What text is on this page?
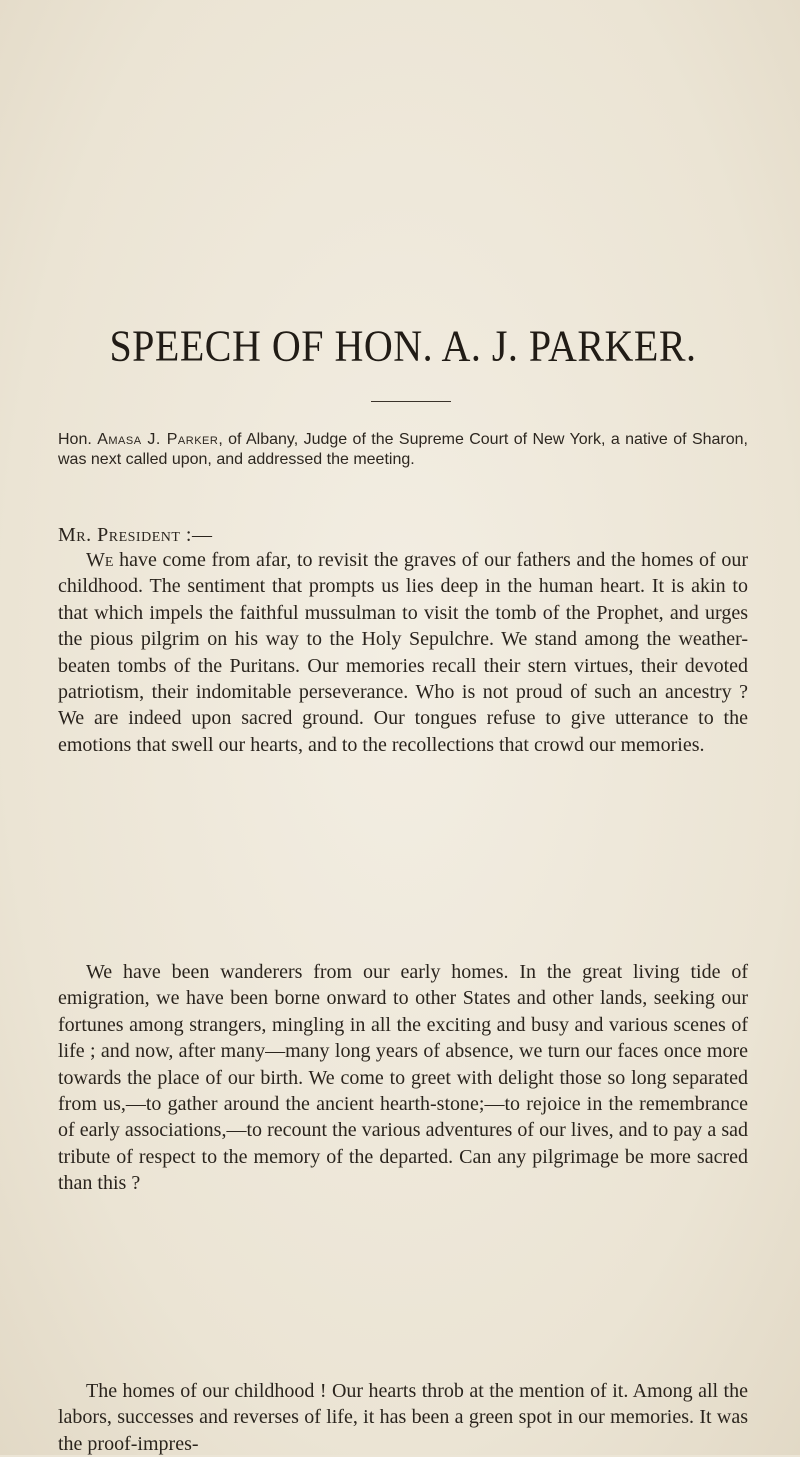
SPEECH OF HON. A. J. PARKER.

Hon. Amasa J. Parker, of Albany, Judge of the Supreme Court of New York, a native of Sharon, was next called upon, and addressed the meeting.

Mr. President :—

We have come from afar, to revisit the graves of our fathers and the homes of our childhood. The sentiment that prompts us lies deep in the human heart. It is akin to that which impels the faithful mussulman to visit the tomb of the Prophet, and urges the pious pilgrim on his way to the Holy Sepulchre. We stand among the weather-beaten tombs of the Puritans. Our memories recall their stern virtues, their devoted patriotism, their indomitable perseverance. Who is not proud of such an ancestry ? We are indeed upon sacred ground. Our tongues refuse to give utterance to the emotions that swell our hearts, and to the recollections that crowd our memories.

We have been wanderers from our early homes. In the great living tide of emigration, we have been borne onward to other States and other lands, seeking our fortunes among strangers, mingling in all the exciting and busy and various scenes of life ; and now, after many—many long years of absence, we turn our faces once more towards the place of our birth. We come to greet with delight those so long separated from us,—to gather around the ancient hearth-stone;—to rejoice in the remembrance of early associations,—to recount the various adventures of our lives, and to pay a sad tribute of respect to the memory of the departed. Can any pilgrimage be more sacred than this ?

The homes of our childhood ! Our hearts throb at the mention of it. Among all the labors, successes and reverses of life, it has been a green spot in our memories. It was the proof-impres-
